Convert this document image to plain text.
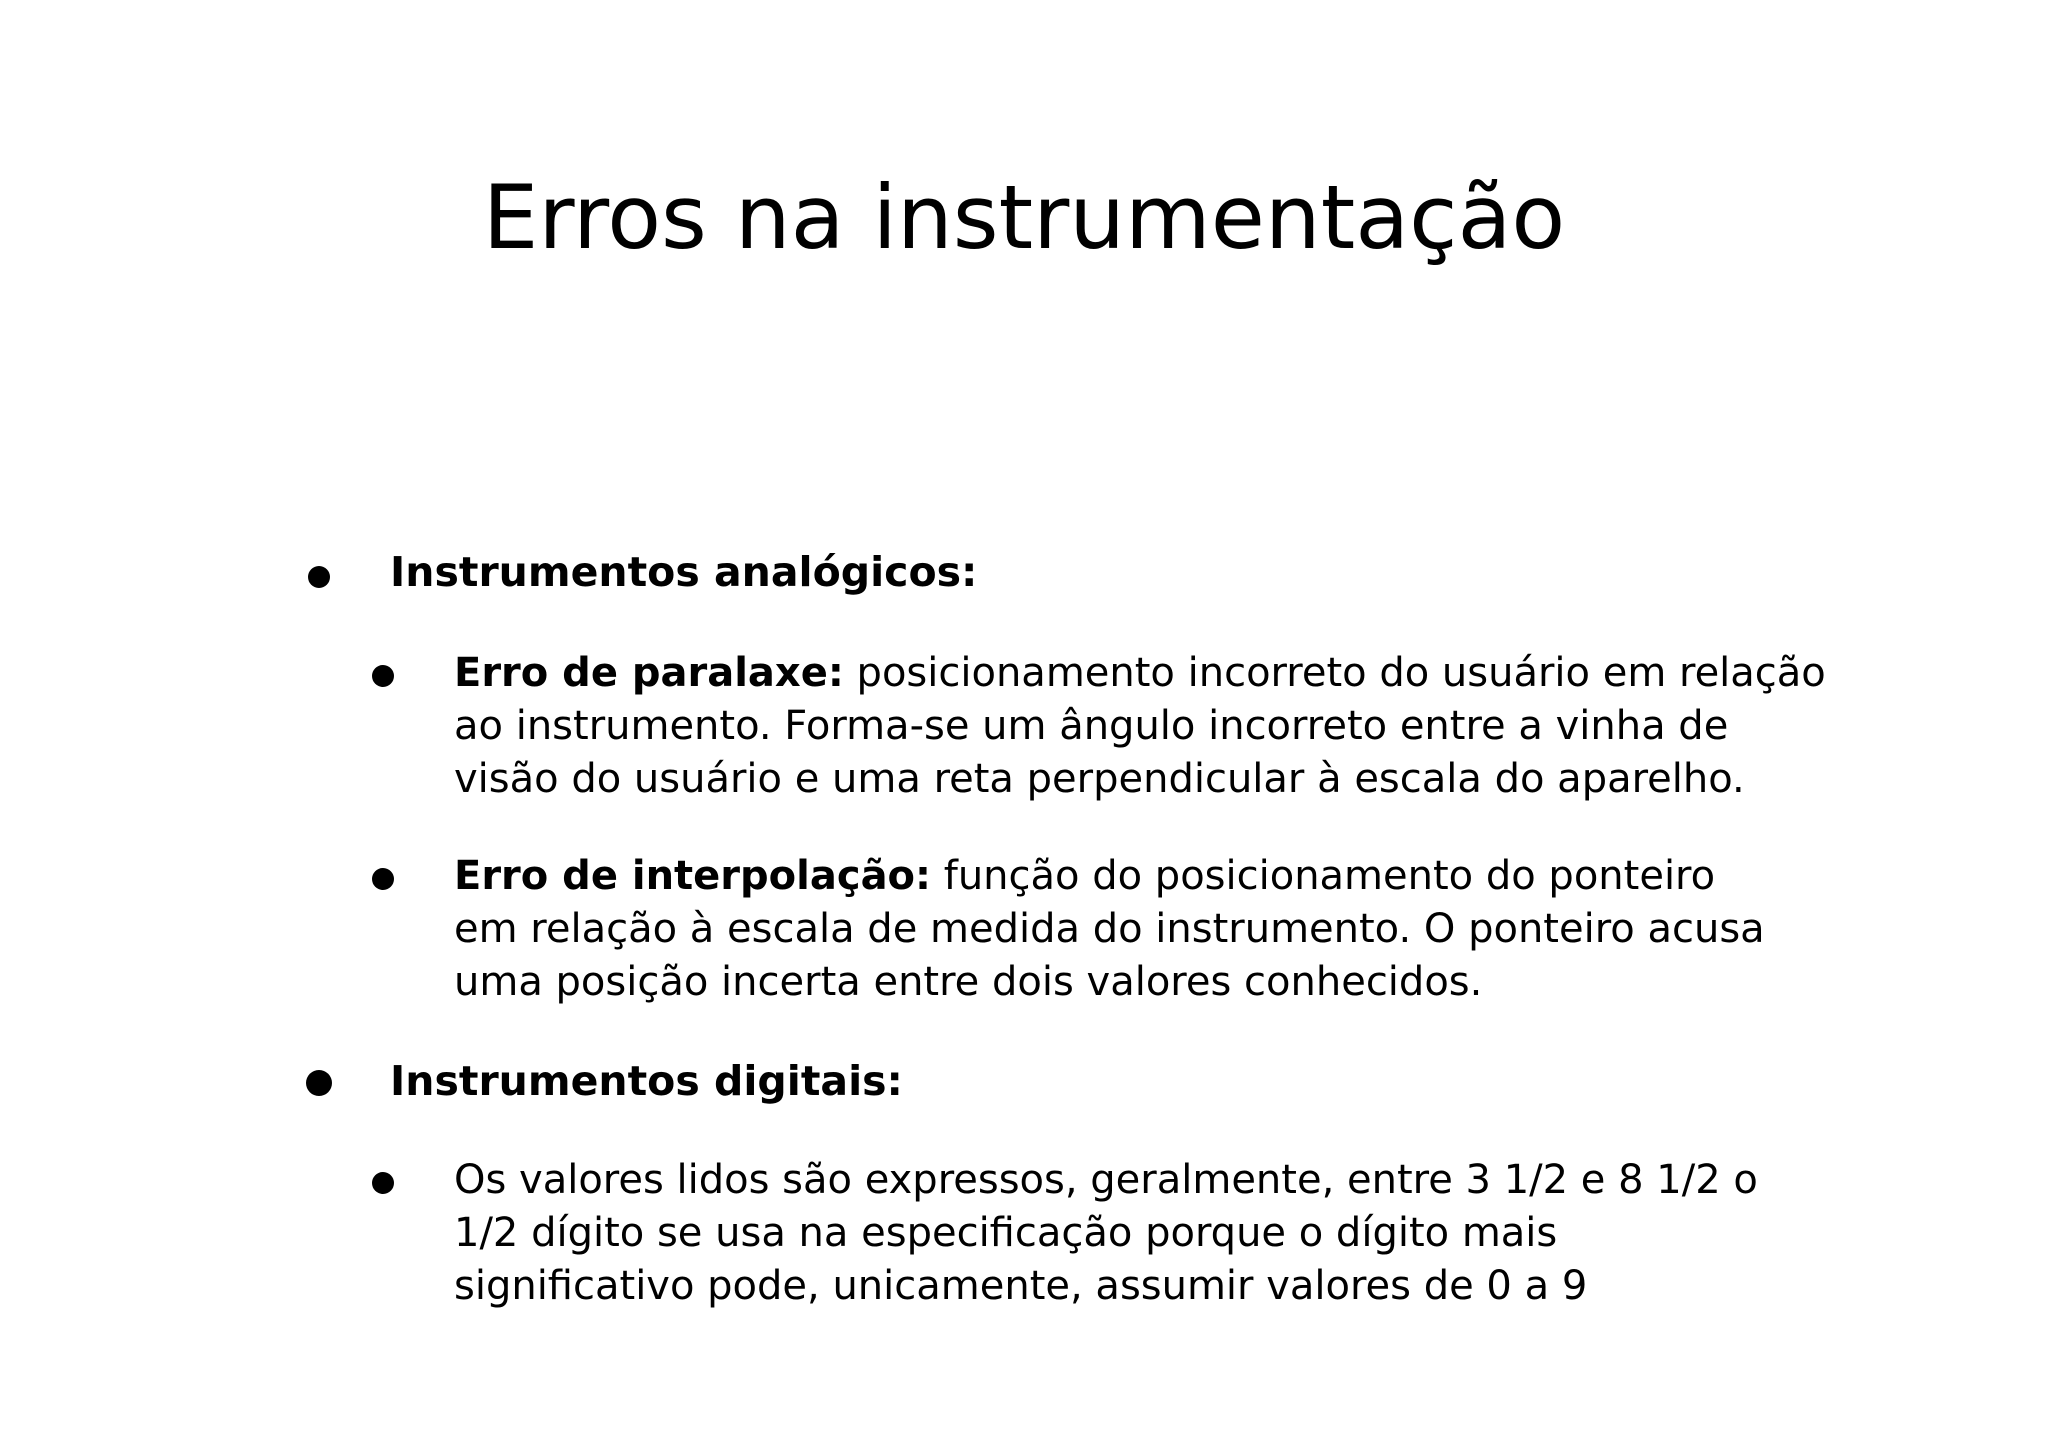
Erros na instrumentação
Instrumentos analógicos:
Erro de paralaxe: posicionamento incorreto do usuário em relação ao instrumento. Forma-se um ângulo incorreto entre a vinha de visão do usuário e uma reta perpendicular à escala do aparelho.
Erro de interpolação: função do posicionamento do ponteiro em relação à escala de medida do instrumento. O ponteiro acusa uma posição incerta entre dois valores conhecidos.
Instrumentos digitais:
Os valores lidos são expressos, geralmente, entre 3 1/2 e 8 1/2 o 1/2 dígito se usa na especificação porque o dígito mais significativo pode, unicamente, assumir valores de 0 a 9
